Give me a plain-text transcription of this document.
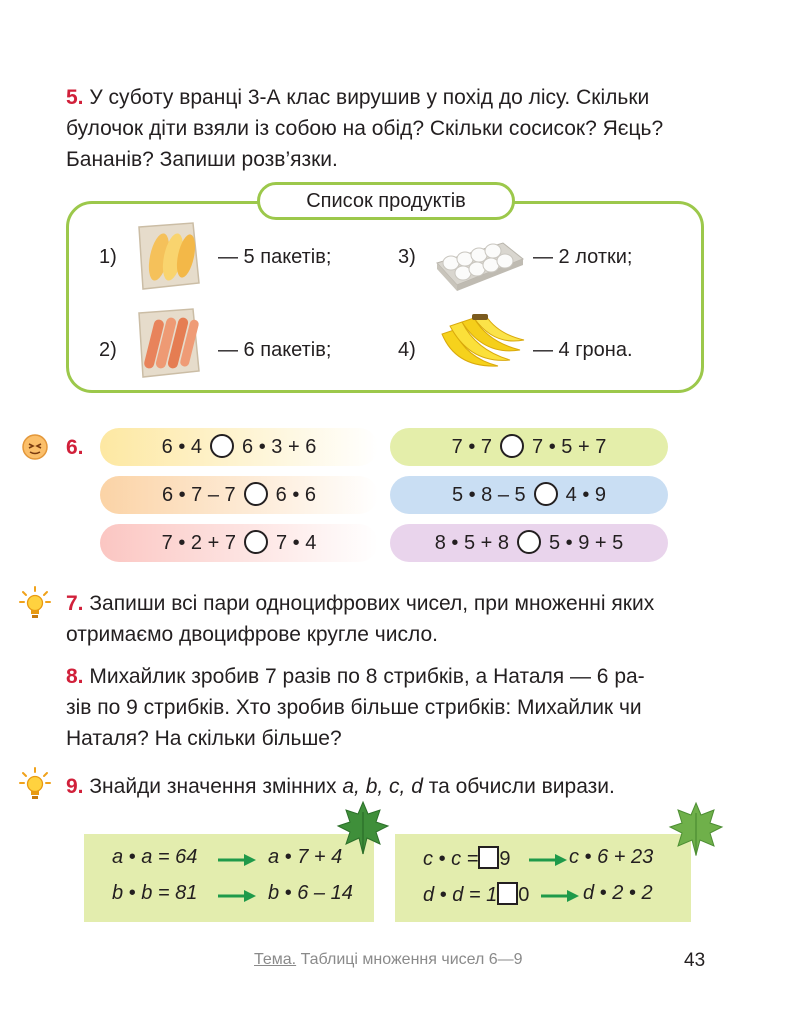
5. У суботу вранці 3-А клас вирушив у похід до лісу. Скільки
булочок діти взяли із собою на обід? Скільки сосисок? Яєць?
Бананів? Запиши розв’язки.
Список продуктів
1)	— 5 пакетів;
2)	— 6 пакетів;
3)	— 2 лотки;
4)	— 4 грона.
6.	6 • 4 6 • 3 + 6	7 • 7 7 • 5 + 7
6 • 7 – 7 6 • 6	5 • 8 – 5 4 • 9
7 • 2 + 7 7 • 4	8 • 5 + 8 5 • 9 + 5
7. Запиши всі пари одноцифрових чисел, при множенні яких
отримаємо двоцифрове кругле число.
8. Михайлик зробив 7 разів по 8 стрибків, а Наталя — 6 ра-
зів по 9 стрибків. Хто зробив більше стрибків: Михайлик чи
Наталя? На скільки більше?
9. Знайди значення змінних a, b, c, d та обчисли вирази.
a • a = 64	a • 7 + 4
b • b = 81	b • 6 – 14
c • c = 9	c • 6 + 23
d • d = 1 0	d • 2 • 2
Тема. Таблиці множення чисел 6—9	43
